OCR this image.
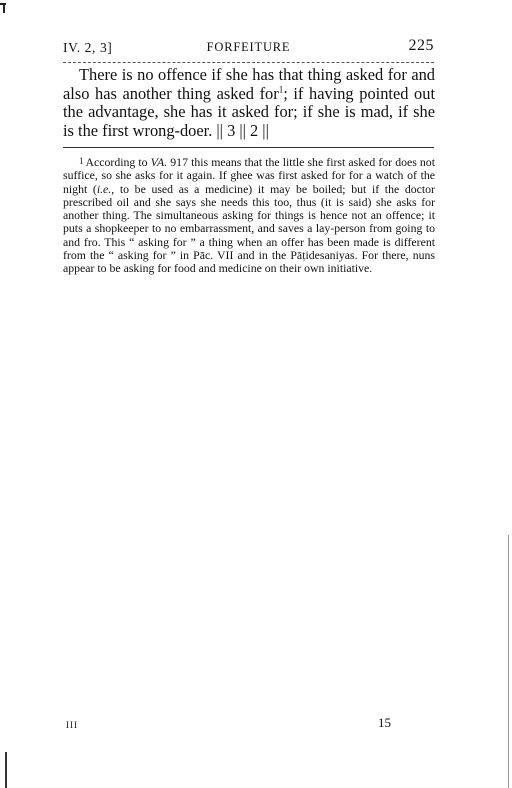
IV. 2, 3]	FORFEITURE	225

There is no offence if she has that thing asked for and also has another thing asked for$^1$; if having pointed out the advantage, she has it asked for; if she is mad, if she is the first wrong-doer. || 3 || 2 ||

1 According to VA. 917 this means that the little she first asked for does not suffice, so she asks for it again. If ghee was first asked for for a watch of the night (i.e., to be used as a medicine) it may be boiled; but if the doctor prescribed oil and she says she needs this too, thus (it is said) she asks for another thing. The simultaneous asking for things is hence not an offence; it puts a shopkeeper to no embarrassment, and saves a lay-person from going to and fro. This “ asking for ” a thing when an offer has been made is different from the “ asking for ” in Pāc. VII and in the Pāṭidesaniyas. For there, nuns appear to be asking for food and medicine on their own initiative.

III	15
